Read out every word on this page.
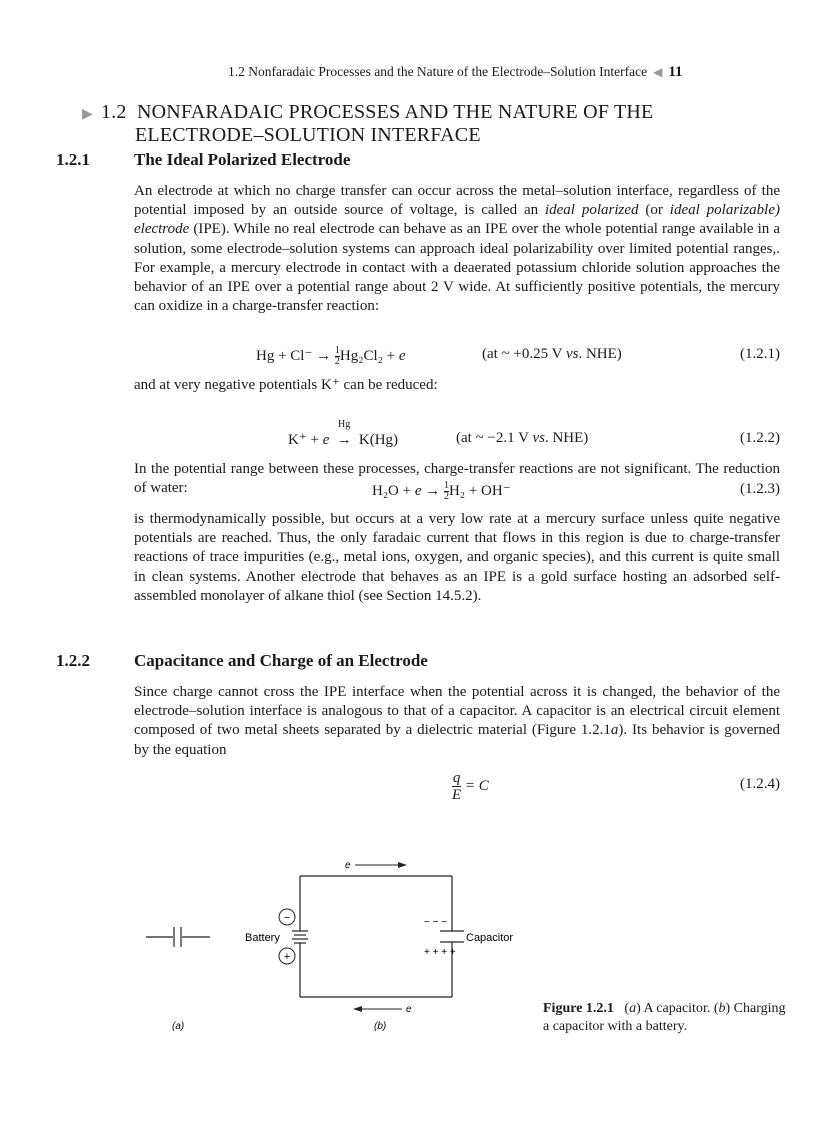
1.2 Nonfaradaic Processes and the Nature of the Electrode–Solution Interface ◀ 11
▶ 1.2 NONFARADAIC PROCESSES AND THE NATURE OF THE
ELECTRODE–SOLUTION INTERFACE
1.2.1	The Ideal Polarized Electrode
An electrode at which no charge transfer can occur across the metal–solution interface, regardless of the potential imposed by an outside source of voltage, is called an ideal polarized (or ideal polarizable) electrode (IPE). While no real electrode can behave as an IPE over the whole potential range available in a solution, some electrode–solution systems can approach ideal polarizability over limited potential ranges,. For example, a mercury electrode in contact with a deaerated potassium chloride solution approaches the behavior of an IPE over a potential range about 2 V wide. At sufficiently positive potentials, the mercury can oxidize in a charge-transfer reaction:
$Hg + Cl^- \to \frac{1}{2} Hg_2Cl_2 + e$	(at ~ +0.25 V vs. NHE)	(1.2.1)
and at very negative potentials K⁺ can be reduced:
K⁺ + e
Hg
→ K(Hg)	(at ~ −2.1 V vs. NHE)	(1.2.2)
In the potential range between these processes, charge-transfer reactions are not significant. The reduction of water:	$H_2O + e \to \frac{1}{2} H_2 + OH^-$	(1.2.3)
is thermodynamically possible, but occurs at a very low rate at a mercury surface unless quite negative potentials are reached. Thus, the only faradaic current that flows in this region is due to charge-transfer reactions of trace impurities (e.g., metal ions, oxygen, and organic species), and this current is quite small in clean systems. Another electrode that behaves as an IPE is a gold surface hosting an adsorbed self-assembled monolayer of alkane thiol (see Section 14.5.2).
1.2.2	Capacitance and Charge of an Electrode
Since charge cannot cross the IPE interface when the potential across it is changed, the behavior of the electrode–solution interface is analogous to that of a capacitor. A capacitor is an electrical circuit element composed of two metal sheets separated by a dielectric material (Figure 1.2.1a). Its behavior is governed by the equation
$\frac{q}{E} = C$	(1.2.4)
−
+
Battery
− − −
+ + + +
Capacitor
e
e
(a)	(b)
Figure 1.2.1 (a) A capacitor. (b) Charging a capacitor with a battery.
